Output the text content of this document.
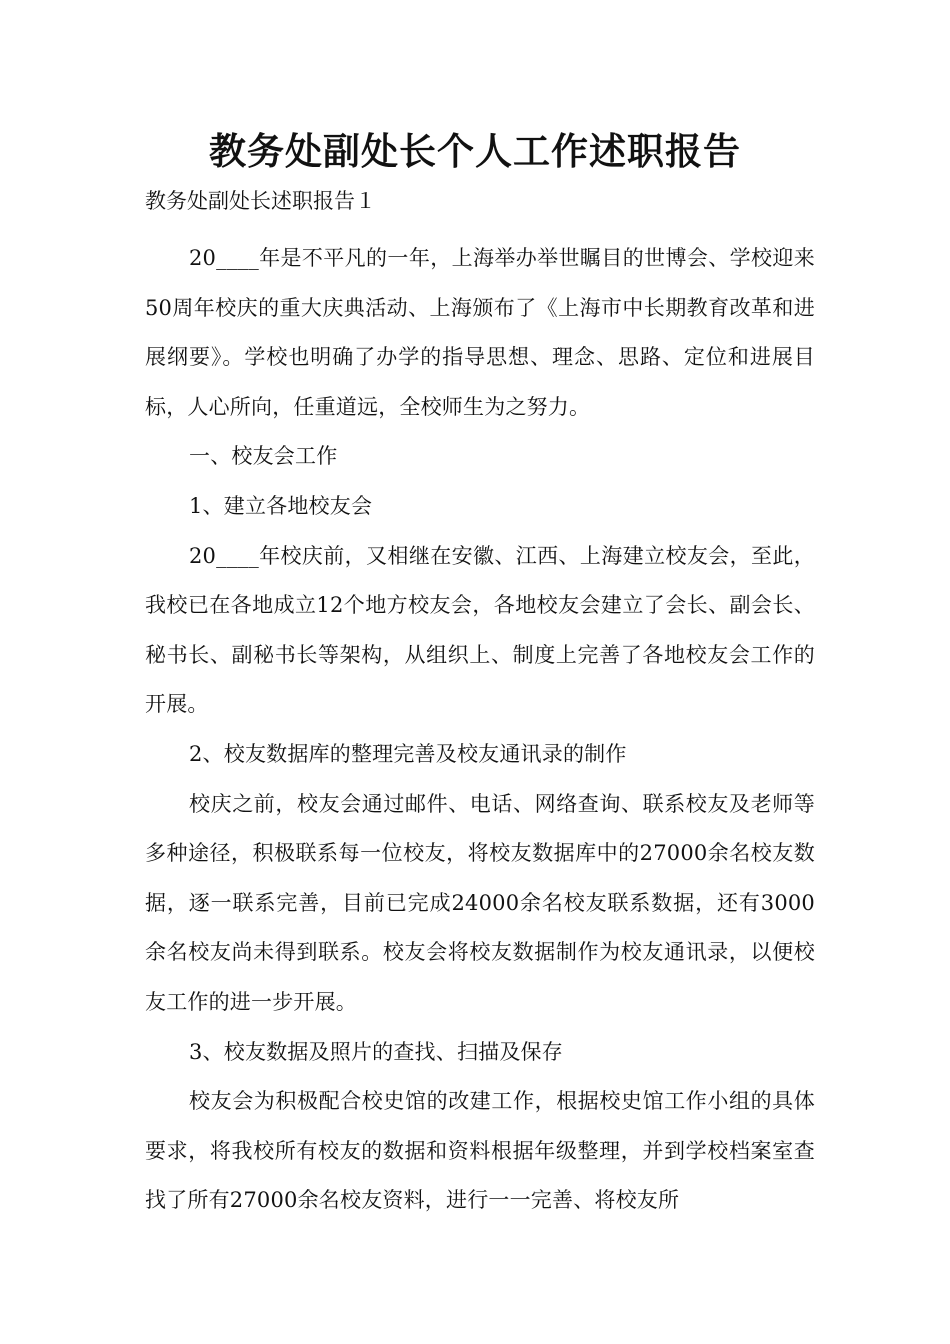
教务处副处长个人工作述职报告

教务处副处长述职报告１

20____年是不平凡的一年，上海举办举世瞩目的世博会、学校迎来50周年校庆的重大庆典活动、上海颁布了《上海市中长期教育改革和进展纲要》。学校也明确了办学的指导思想、理念、思路、定位和进展目标，人心所向，任重道远，全校师生为之努力。

一、校友会工作

1、建立各地校友会

20____年校庆前，又相继在安徽、江西、上海建立校友会，至此，我校已在各地成立12个地方校友会，各地校友会建立了会长、副会长、秘书长、副秘书长等架构，从组织上、制度上完善了各地校友会工作的开展。

2、校友数据库的整理完善及校友通讯录的制作

校庆之前，校友会通过邮件、电话、网络查询、联系校友及老师等多种途径，积极联系每一位校友，将校友数据库中的27000余名校友数据，逐一联系完善，目前已完成24000余名校友联系数据，还有3000余名校友尚未得到联系。校友会将校友数据制作为校友通讯录，以便校友工作的进一步开展。

3、校友数据及照片的查找、扫描及保存

校友会为积极配合校史馆的改建工作，根据校史馆工作小组的具体要求，将我校所有校友的数据和资料根据年级整理，并到学校档案室查找了所有27000余名校友资料，进行一一完善、将校友所
